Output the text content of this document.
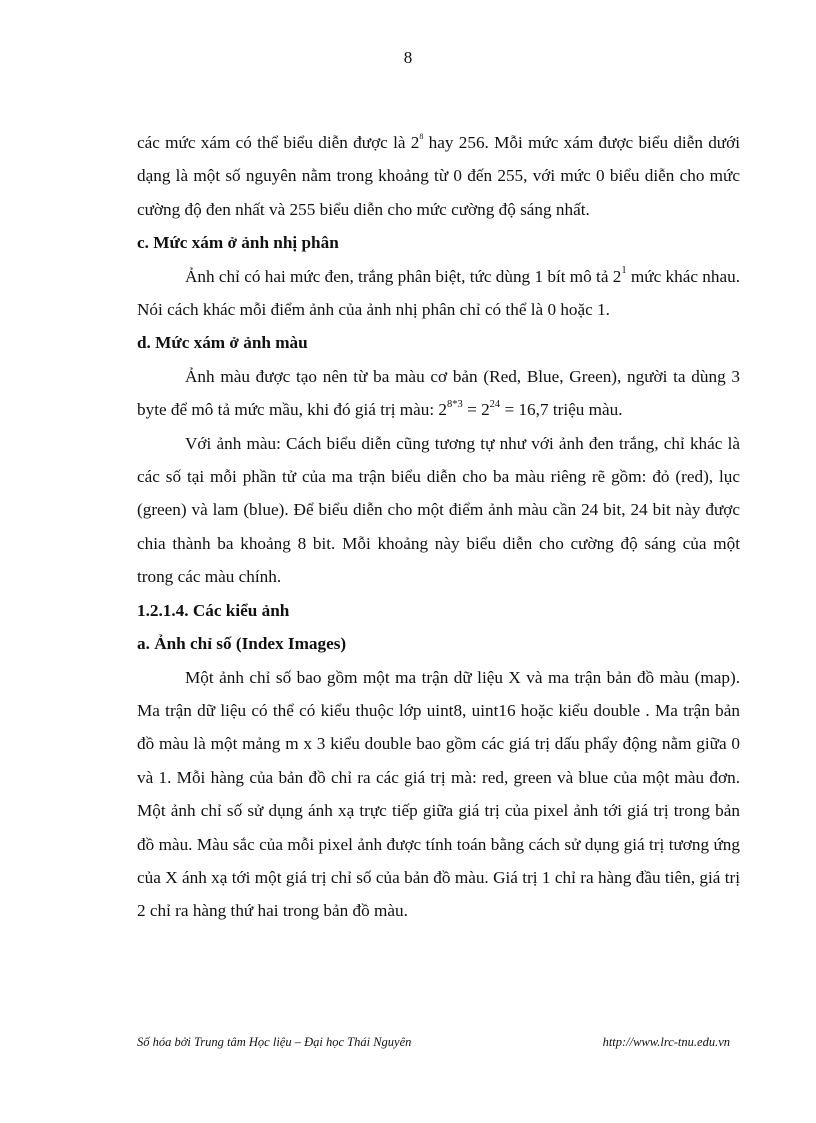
8

các mức xám có thể biểu diễn được là $2^8$ hay 256. Mỗi mức xám được biểu diễn dưới dạng là một số nguyên nằm trong khoảng từ 0 đến 255, với mức 0 biểu diễn cho mức cường độ đen nhất và 255 biểu diễn cho mức cường độ sáng nhất.

c. Mức xám ở ảnh nhị phân

Ảnh chỉ có hai mức đen, trắng phân biệt, tức dùng 1 bít mô tả $2^1$ mức khác nhau. Nói cách khác mỗi điểm ảnh của ảnh nhị phân chỉ có thể là 0 hoặc 1.

d. Mức xám ở ảnh màu

Ảnh màu được tạo nên từ ba màu cơ bản (Red, Blue, Green), người ta dùng 3 byte để mô tả mức mầu, khi đó giá trị màu: $2^{8*3} = 2^{24} = 16,7$ triệu màu.

Với ảnh màu: Cách biểu diễn cũng tương tự như với ảnh đen trắng, chỉ khác là các số tại mỗi phần tử của ma trận biểu diễn cho ba màu riêng rẽ gồm: đỏ (red), lục (green) và lam (blue). Để biểu diễn cho một điểm ảnh màu cần 24 bit, 24 bit này được chia thành ba khoảng 8 bit. Mỗi khoảng này biểu diễn cho cường độ sáng của một trong các màu chính.

1.2.1.4. Các kiểu ảnh

a. Ảnh chỉ số (Index Images)

Một ảnh chỉ số bao gồm một ma trận dữ liệu X và ma trận bản đồ màu (map). Ma trận dữ liệu có thể có kiểu thuộc lớp uint8, uint16 hoặc kiểu double . Ma trận bản đồ màu là một mảng m x 3 kiểu double bao gồm các giá trị dấu phẩy động nằm giữa 0 và 1. Mỗi hàng của bản đồ chỉ ra các giá trị mà: red, green và blue của một màu đơn. Một ảnh chỉ số sử dụng ánh xạ trực tiếp giữa giá trị của pixel ảnh tới giá trị trong bản đồ màu. Màu sắc của mỗi pixel ảnh được tính toán bằng cách sử dụng giá trị tương ứng của X ánh xạ tới một giá trị chỉ số của bản đồ màu. Giá trị 1 chỉ ra hàng đầu tiên, giá trị 2 chỉ ra hàng thứ hai trong bản đồ màu.

Số hóa bởi Trung tâm Học liệu – Đại học Thái Nguyên	http://www.lrc-tnu.edu.vn
